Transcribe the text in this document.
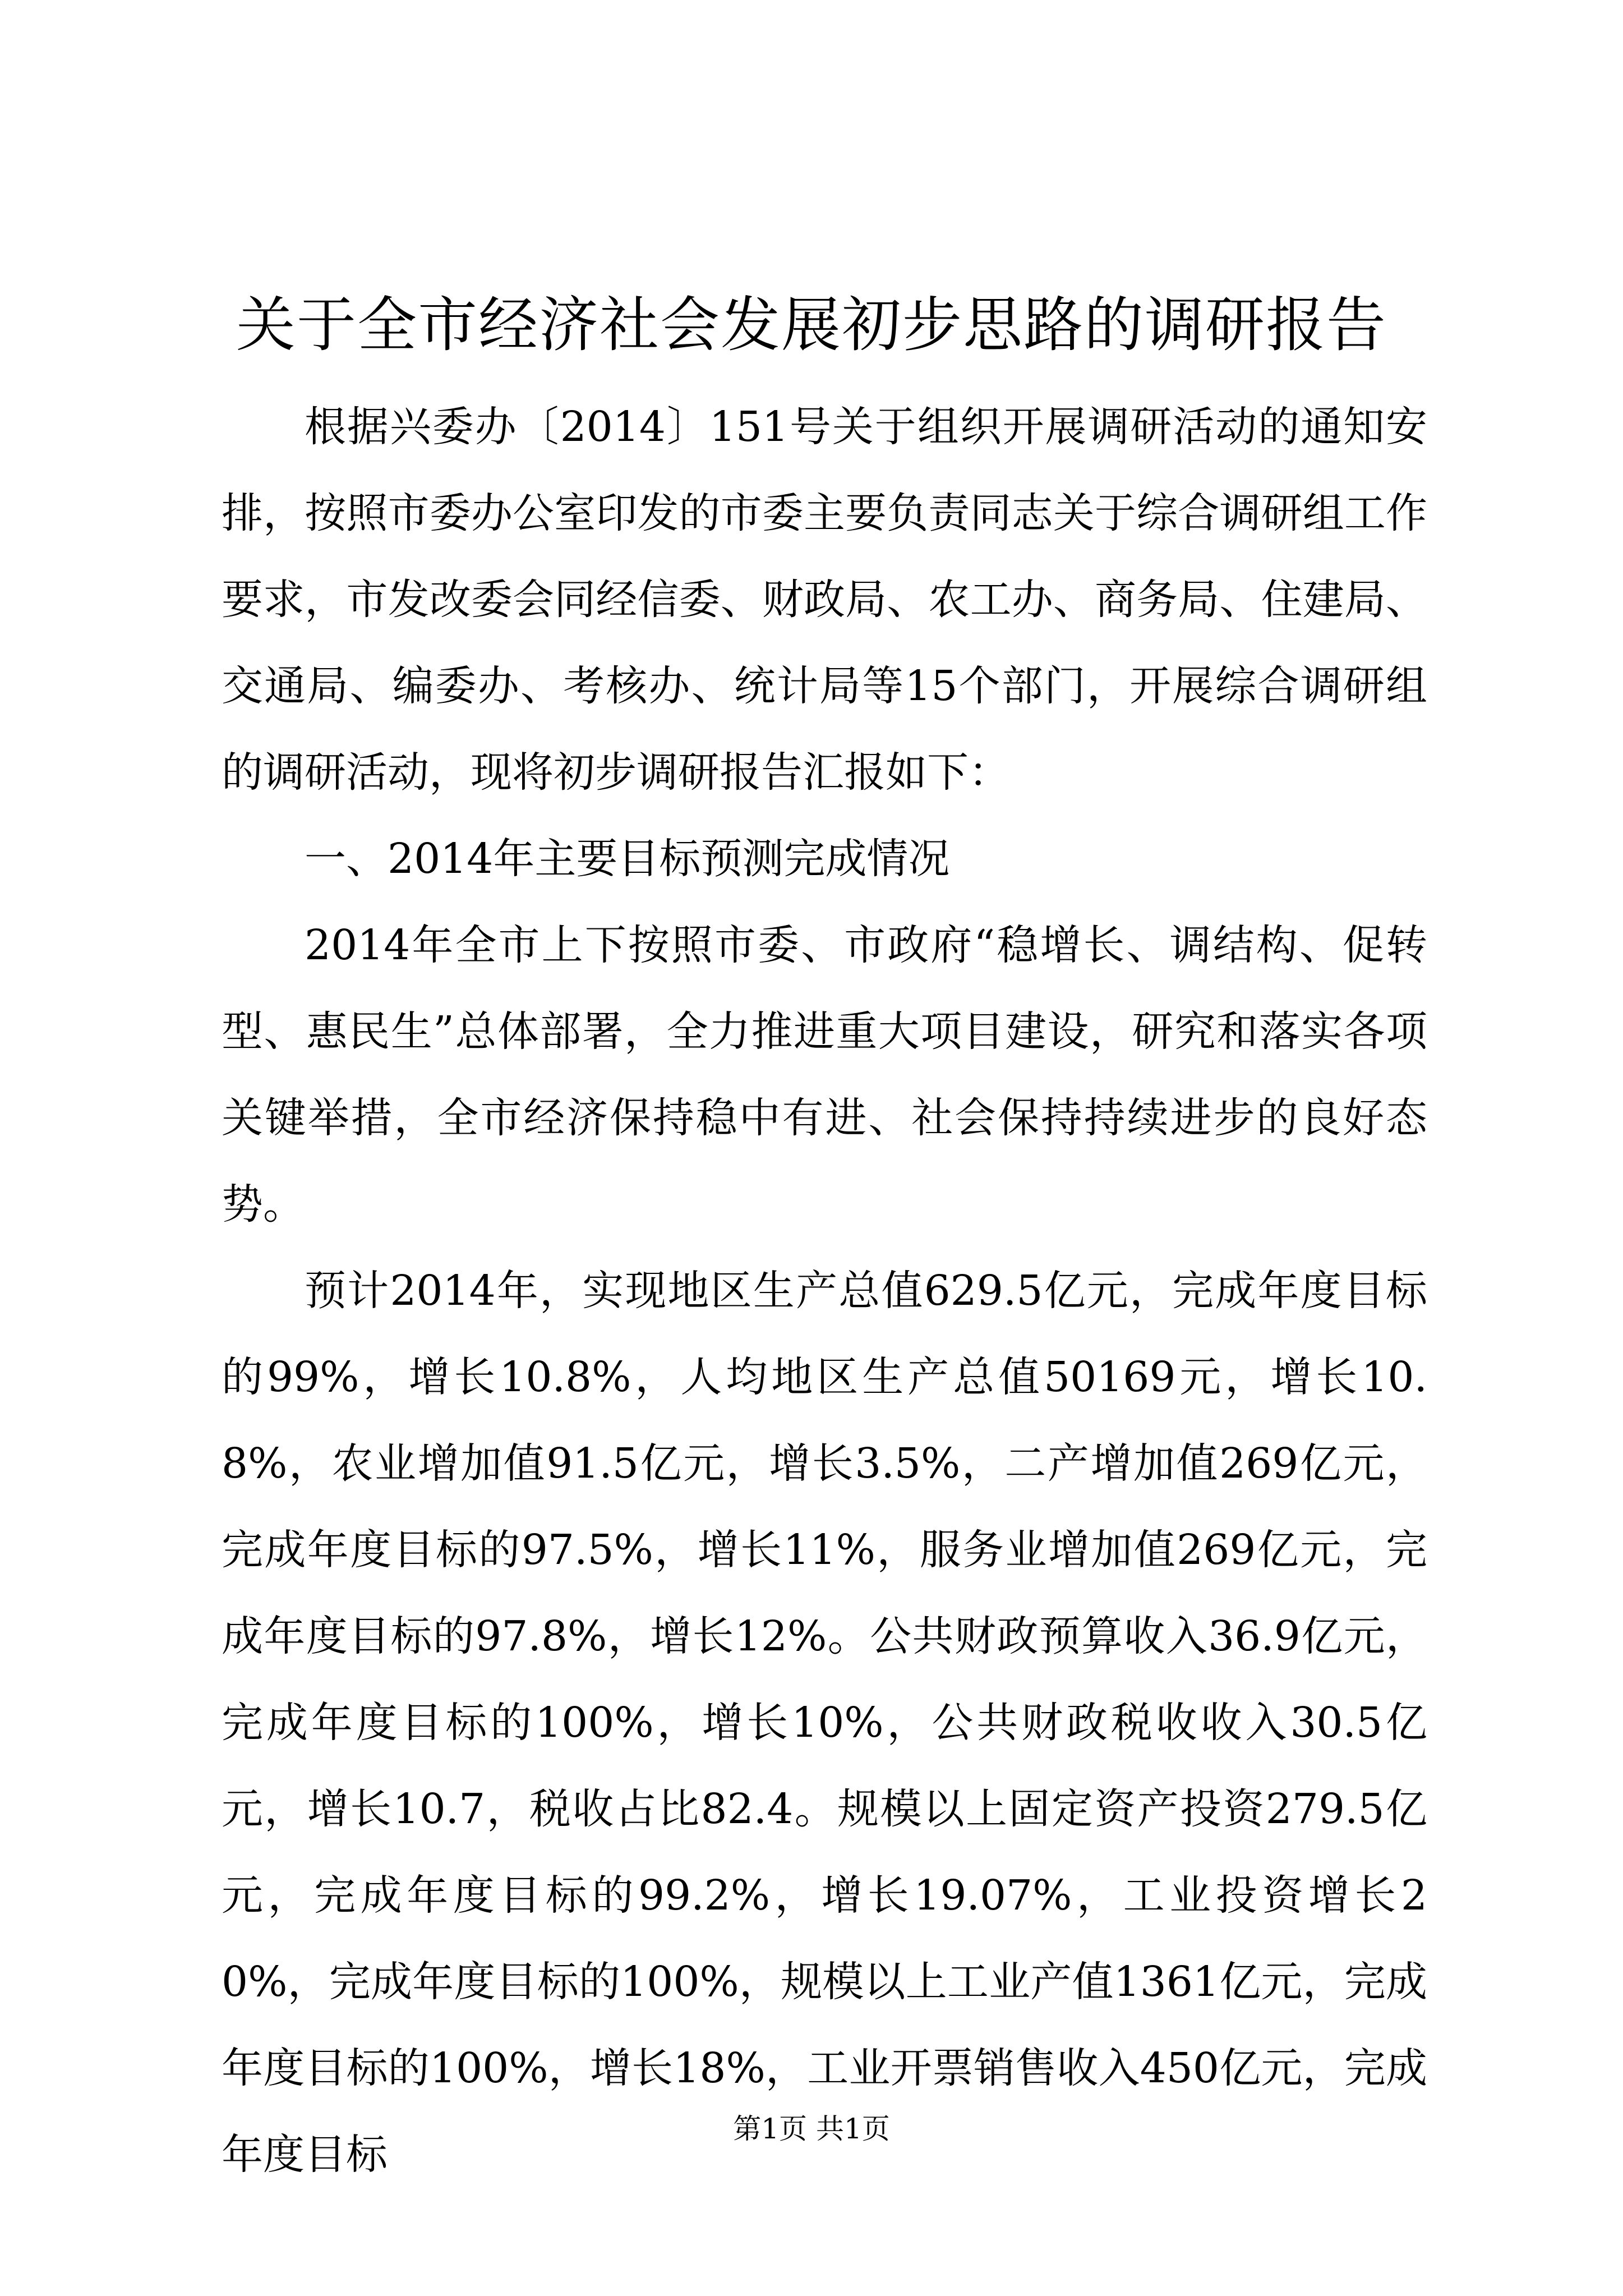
关于全市经济社会发展初步思路的调研报告

根据兴委办〔2014〕151号关于组织开展调研活动的通知安排，按照市委办公室印发的市委主要负责同志关于综合调研组工作要求，市发改委会同经信委、财政局、农工办、商务局、住建局、交通局、编委办、考核办、统计局等15个部门，开展综合调研组的调研活动，现将初步调研报告汇报如下：

一、2014年主要目标预测完成情况

2014年全市上下按照市委、市政府“稳增长、调结构、促转型、惠民生”总体部署，全力推进重大项目建设，研究和落实各项关键举措，全市经济保持稳中有进、社会保持持续进步的良好态势。

预计2014年，实现地区生产总值629.5亿元，完成年度目标的99%，增长10.8%，人均地区生产总值50169元，增长10.8%，农业增加值91.5亿元，增长3.5%，二产增加值269亿元，完成年度目标的97.5%，增长11%，服务业增加值269亿元，完成年度目标的97.8%，增长12%。公共财政预算收入36.9亿元，完成年度目标的100%，增长10%，公共财政税收收入30.5亿元，增长10.7，税收占比82.4。规模以上固定资产投资279.5亿元，完成年度目标的99.2%，增长19.07%，工业投资增长20%，完成年度目标的100%，规模以上工业产值1361亿元，完成年度目标的100%，增长18%，工业开票销售收入450亿元，完成年度目标

第1页 共1页
